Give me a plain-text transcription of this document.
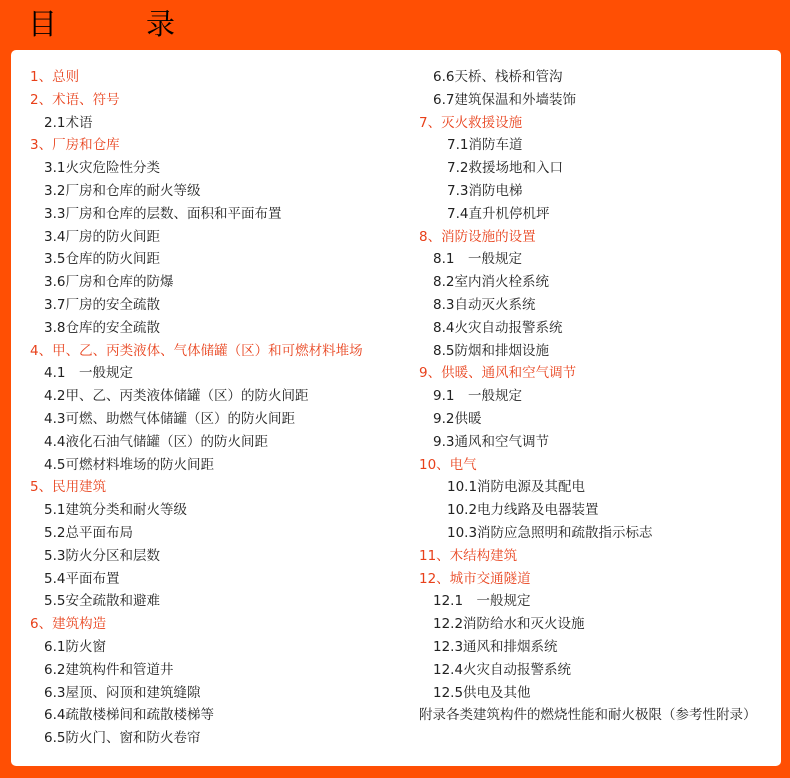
目　录
1、总则
2、术语、符号
2.1术语
3、厂房和仓库
3.1火灾危险性分类
3.2厂房和仓库的耐火等级
3.3厂房和仓库的层数、面积和平面布置
3.4厂房的防火间距
3.5仓库的防火间距
3.6厂房和仓库的防爆
3.7厂房的安全疏散
3.8仓库的安全疏散
4、甲、乙、丙类液体、气体储罐（区）和可燃材料堆场
4.1　一般规定
4.2甲、乙、丙类液体储罐（区）的防火间距
4.3可燃、助燃气体储罐（区）的防火间距
4.4液化石油气储罐（区）的防火间距
4.5可燃材料堆场的防火间距
5、民用建筑
5.1建筑分类和耐火等级
5.2总平面布局
5.3防火分区和层数
5.4平面布置
5.5安全疏散和避难
6、建筑构造
6.1防火窗
6.2建筑构件和管道井
6.3屋顶、闷顶和建筑缝隙
6.4疏散楼梯间和疏散楼梯等
6.5防火门、窗和防火卷帘
6.6天桥、栈桥和管沟
6.7建筑保温和外墙装饰
7、灭火救援设施
7.1消防车道
7.2救援场地和入口
7.3消防电梯
7.4直升机停机坪
8、消防设施的设置
8.1　一般规定
8.2室内消火栓系统
8.3自动灭火系统
8.4火灾自动报警系统
8.5防烟和排烟设施
9、供暖、通风和空气调节
9.1　一般规定
9.2供暖
9.3通风和空气调节
10、电气
10.1消防电源及其配电
10.2电力线路及电器装置
10.3消防应急照明和疏散指示标志
11、木结构建筑
12、城市交通隧道
12.1　一般规定
12.2消防给水和灭火设施
12.3通风和排烟系统
12.4火灾自动报警系统
12.5供电及其他
附录各类建筑构件的燃烧性能和耐火极限（参考性附录）
